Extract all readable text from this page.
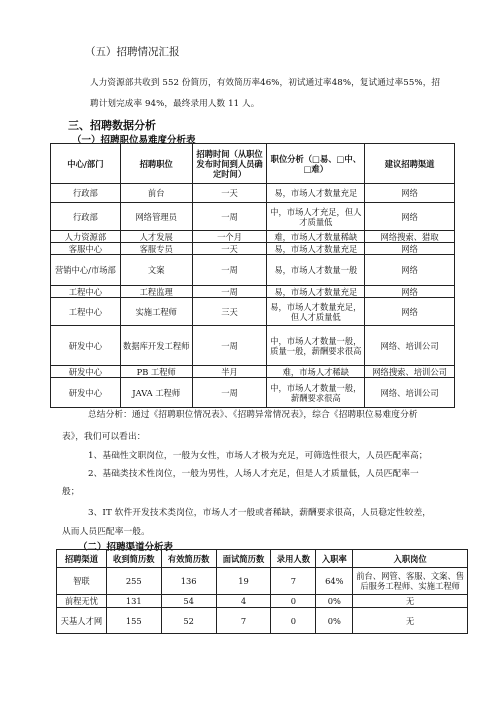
（五）招聘情况汇报
人力资源部共收到 552 份简历，有效简历率46%，初试通过率48%，复试通过率55%，招
聘计划完成率 94%，最终录用人数 11 人。
三、招聘数据分析
（一）招聘职位易难度分析表
中心/部门	招聘职位	招聘时间（从职位发布时间到人员确定时间）	职位分析（□易、□中、□难）	建议招聘渠道
行政部	前台	一天	易，市场人才数量充足	网络
行政部	网络管理员	一周	中，市场人才充足，但人才质量低	网络
人力资源部	人才发展	一个月	难，市场人才数量稀缺	网络搜索、猎取
客服中心	客服专员	一天	易，市场人才数量充足	网络
营销中心/市场部	文案	一周	易，市场人才数量一般	网络
工程中心	工程监理	一周	易，市场人才数量充足	网络
工程中心	实施工程师	三天	易，市场人才数量充足，但人才质量低	网络
研发中心	数据库开发工程师	一周	中，市场人才数量一般，质量一般，薪酬要求很高	网络、培训公司
研发中心	PB 工程师	半月	难，市场人才稀缺	网络搜索、培训公司
研发中心	JAVA 工程师	一周	中，市场人才数量一般，薪酬要求很高	网络、培训公司
总结分析：通过《招聘职位情况表》、《招聘异常情况表》，综合《招聘职位易难度分析
表》，我们可以看出：
1、基础性文职岗位，一般为女性，市场人才极为充足，可筛选性很大，人员匹配率高；
2、基础类技术性岗位，一般为男性，人场人才充足，但是人才质量低，人员匹配率一
般；
3、IT 软件开发技术类岗位，市场人才一般或者稀缺，薪酬要求很高，人员稳定性较差，
从而人员匹配率一般。
（二）招聘渠道分析表
招聘渠道	收到简历数	有效简历数	面试简历数	录用人数	入职率	入职岗位
智联	255	136	19	7	64%	前台、网管、客服、文案、售后服务工程师、实施工程师
前程无忧	131	54	4	0	0%	无
天基人才网	155	52	7	0	0%	无
